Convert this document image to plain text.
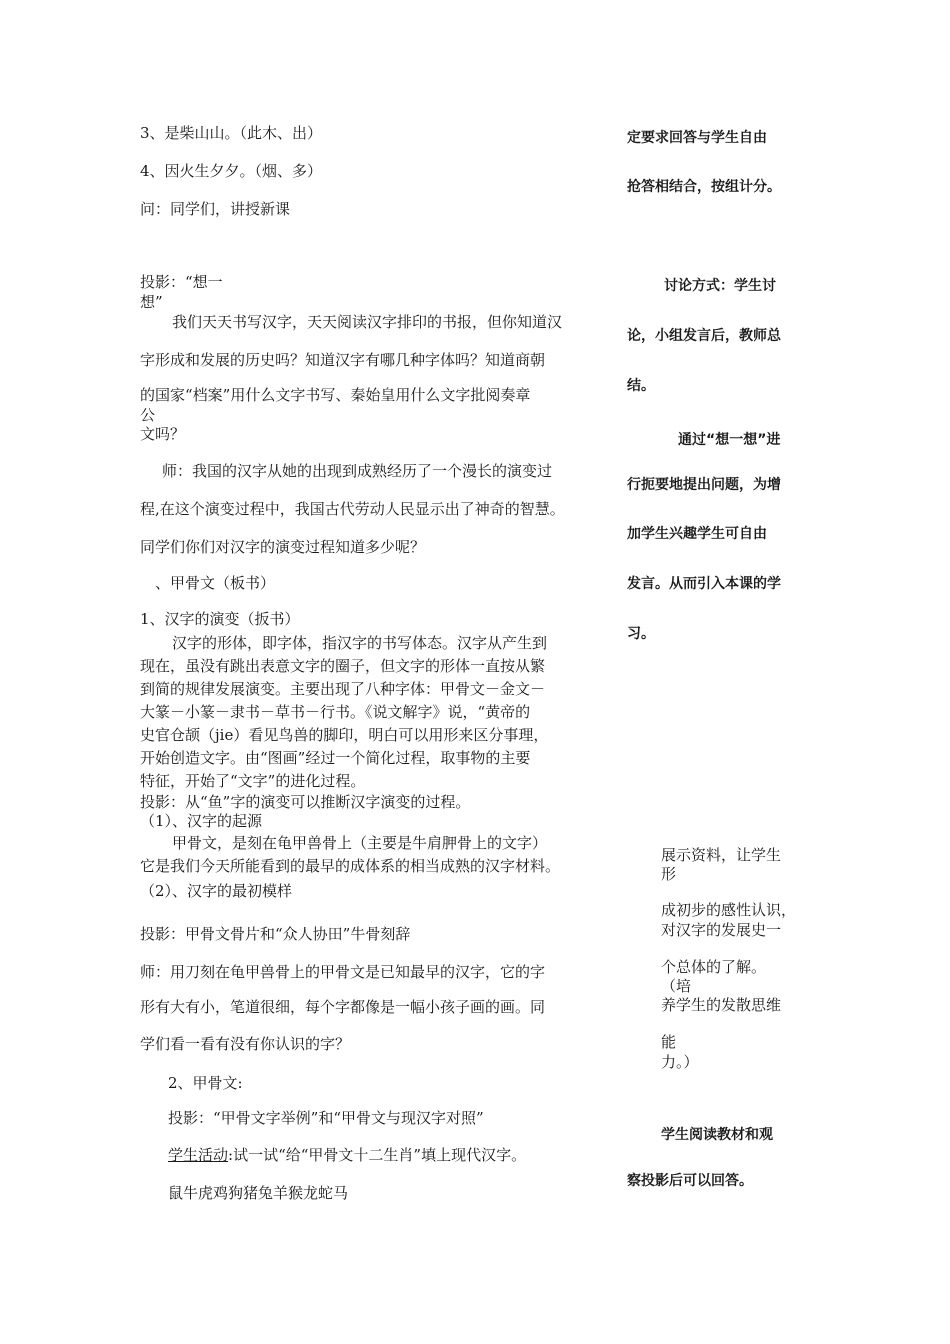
3、是柴山山。（此木、出）
4、因火生夕夕。（烟、多）
问：同学们，讲授新课
投影：“想一
想”
我们天天书写汉字，天天阅读汉字排印的书报，但你知道汉
字形成和发展的历史吗？知道汉字有哪几种字体吗？知道商朝
的国家“档案”用什么文字书写、秦始皇用什么文字批阅奏章
公
文吗？
师：我国的汉字从她的出现到成熟经历了一个漫长的演变过
程,在这个演变过程中，我国古代劳动人民显示出了神奇的智慧。
同学们你们对汉字的演变过程知道多少呢？
、甲骨文（板书）
1、汉字的演变（扳书）
汉字的形体，即字体，指汉字的书写体态。汉字从产生到
现在，虽没有跳出表意文字的圈子，但文字的形体一直按从繁
到简的规律发展演变。主要出现了八种字体：甲骨文－金文－
大篆－小篆－隶书－草书－行书。《说文解字》说，“黄帝的
史官仓颉（jie）看见鸟兽的脚印，明白可以用形来区分事理，
开始创造文字。由“图画”经过一个简化过程，取事物的主要
特征，开始了“文字”的进化过程。
投影：从“鱼”字的演变可以推断汉字演变的过程。
（1）、汉字的起源
甲骨文，是刻在龟甲兽骨上（主要是牛肩胛骨上的文字）
它是我们今天所能看到的最早的成体系的相当成熟的汉字材料。
（2）、汉字的最初模样
投影：甲骨文骨片和“众人协田”牛骨刻辞
师：用刀刻在龟甲兽骨上的甲骨文是已知最早的汉字，它的字
形有大有小，笔道很细，每个字都像是一幅小孩子画的画。同
学们看一看有没有你认识的字？
2、甲骨文:
投影：“甲骨文字举例”和“甲骨文与现汉字对照”
学生活动:试一试“给“甲骨文十二生肖”填上现代汉字。
鼠牛虎鸡狗猪兔羊猴龙蛇马
定要求回答与学生自由
抢答相结合，按组计分。
讨论方式：学生讨
论，小组发言后，教师总
结。
通过“想一想”进
行扼要地提出问题，为增
加学生兴趣学生可自由
发言。从而引入本课的学
习。
展示资料，让学生
形
成初步的感性认识，
对汉字的发展史一
个总体的了解。
（培
养学生的发散思维
能
力。）
学生阅读教材和观
察投影后可以回答。
